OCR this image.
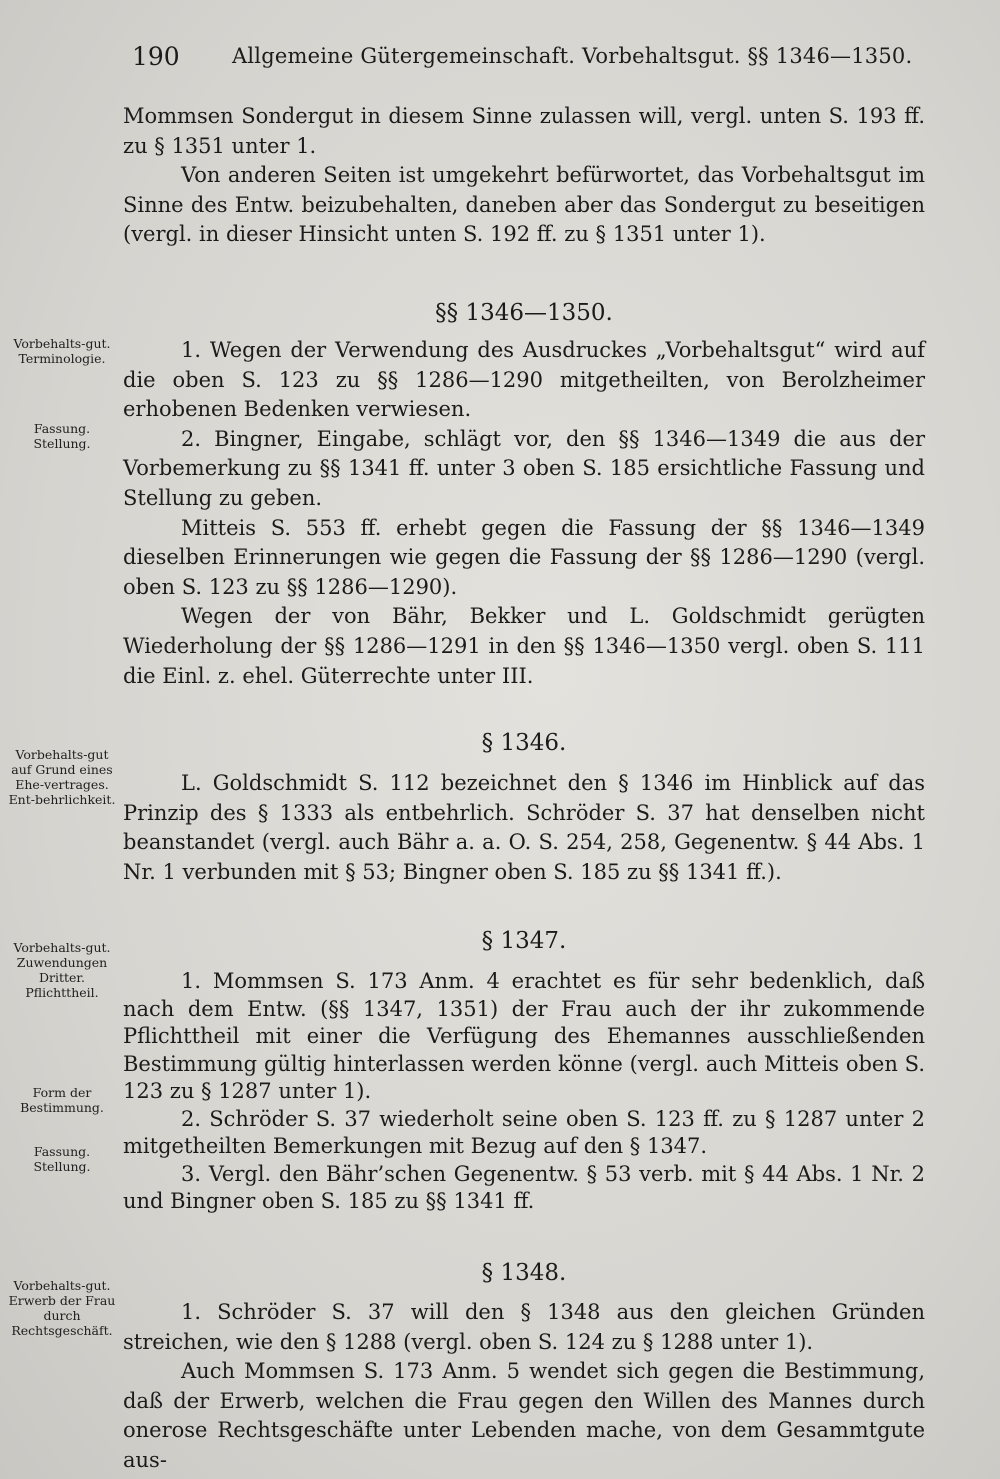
190 Allgemeine Gütergemeinschaft. Vorbehaltsgut. §§ 1346—1350.
Vorbehalts-gut. Terminologie.
Fassung. Stellung.
Vorbehalts-gut auf Grund eines Ehe-vertrages. Ent-behrlichkeit.
Vorbehalts-gut. Zuwendungen Dritter. Pflichttheil.
Form der Bestimmung.
Fassung. Stellung.
Vorbehalts-gut. Erwerb der Frau durch Rechtsgeschäft.

Mommsen Sondergut in diesem Sinne zulassen will, vergl. unten S. 193 ff. zu § 1351 unter 1.

Von anderen Seiten ist umgekehrt befürwortet, das Vorbehaltsgut im Sinne des Entw. beizubehalten, daneben aber das Sondergut zu beseitigen (vergl. in dieser Hinsicht unten S. 192 ff. zu § 1351 unter 1).

§§ 1346—1350.

1. Wegen der Verwendung des Ausdruckes „Vorbehaltsgut“ wird auf die oben S. 123 zu §§ 1286—1290 mitgetheilten, von Berolzheimer erhobenen Bedenken verwiesen.

2. Bingner, Eingabe, schlägt vor, den §§ 1346—1349 die aus der Vorbemerkung zu §§ 1341 ff. unter 3 oben S. 185 ersichtliche Fassung und Stellung zu geben.

Mitteis S. 553 ff. erhebt gegen die Fassung der §§ 1346—1349 dieselben Erinnerungen wie gegen die Fassung der §§ 1286—1290 (vergl. oben S. 123 zu §§ 1286—1290).

Wegen der von Bähr, Bekker und L. Goldschmidt gerügten Wiederholung der §§ 1286—1291 in den §§ 1346—1350 vergl. oben S. 111 die Einl. z. ehel. Güterrechte unter III.

§ 1346.

L. Goldschmidt S. 112 bezeichnet den § 1346 im Hinblick auf das Prinzip des § 1333 als entbehrlich. Schröder S. 37 hat denselben nicht beanstandet (vergl. auch Bähr a. a. O. S. 254, 258, Gegenentw. § 44 Abs. 1 Nr. 1 verbunden mit § 53; Bingner oben S. 185 zu §§ 1341 ff.).

§ 1347.

1. Mommsen S. 173 Anm. 4 erachtet es für sehr bedenklich, daß nach dem Entw. (§§ 1347, 1351) der Frau auch der ihr zukommende Pflichttheil mit einer die Verfügung des Ehemannes ausschließenden Bestimmung gültig hinterlassen werden könne (vergl. auch Mitteis oben S. 123 zu § 1287 unter 1).

2. Schröder S. 37 wiederholt seine oben S. 123 ff. zu § 1287 unter 2 mitgetheilten Bemerkungen mit Bezug auf den § 1347.

3. Vergl. den Bähr’schen Gegenentw. § 53 verb. mit § 44 Abs. 1 Nr. 2 und Bingner oben S. 185 zu §§ 1341 ff.

§ 1348.

1. Schröder S. 37 will den § 1348 aus den gleichen Gründen streichen, wie den § 1288 (vergl. oben S. 124 zu § 1288 unter 1).

Auch Mommsen S. 173 Anm. 5 wendet sich gegen die Bestimmung, daß der Erwerb, welchen die Frau gegen den Willen des Mannes durch onerose Rechtsgeschäfte unter Lebenden mache, von dem Gesammtgute aus-
